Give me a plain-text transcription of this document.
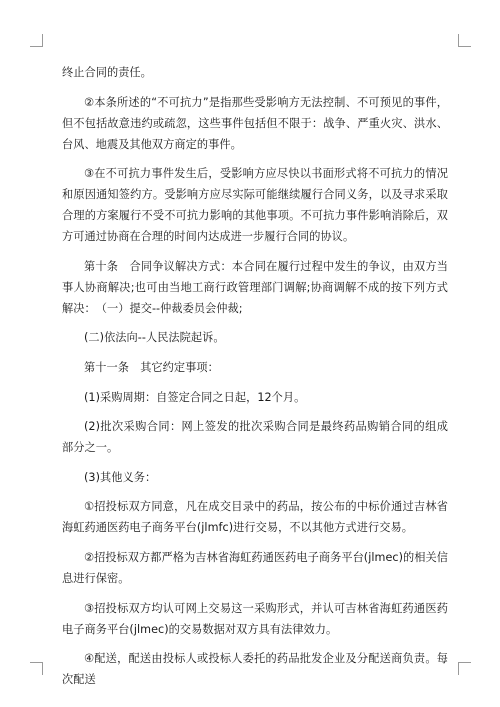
终止合同的责任。

②本条所述的“不可抗力”是指那些受影响方无法控制、不可预见的事件，但不包括故意违约或疏忽，这些事件包括但不限于：战争、严重火灾、洪水、台风、地震及其他双方商定的事件。

③在不可抗力事件发生后，受影响方应尽快以书面形式将不可抗力的情况和原因通知签约方。受影响方应尽实际可能继续履行合同义务，以及寻求采取合理的方案履行不受不可抗力影响的其他事项。不可抗力事件影响消除后，双方可通过协商在合理的时间内达成进一步履行合同的协议。

第十条　合同争议解决方式：本合同在履行过程中发生的争议，由双方当事人协商解决;也可由当地工商行政管理部门调解;协商调解不成的按下列方式解决：　（一）提交--仲裁委员会仲裁;

(二)依法向--人民法院起诉。

第十一条　其它约定事项：

(1)采购周期：自签定合同之日起，12个月。

(2)批次采购合同：网上签发的批次采购合同是最终药品购销合同的组成部分之一。

(3)其他义务：

①招投标双方同意，凡在成交目录中的药品，按公布的中标价通过吉林省海虹药通医药电子商务平台(jlmfc)进行交易，不以其他方式进行交易。

②招投标双方都严格为吉林省海虹药通医药电子商务平台(jlmec)的相关信息进行保密。

③招投标双方均认可网上交易这一采购形式，并认可吉林省海虹药通医药电子商务平台(jlmec)的交易数据对双方具有法律效力。

④配送，配送由投标人或投标人委托的药品批发企业及分配送商负责。每次配送
